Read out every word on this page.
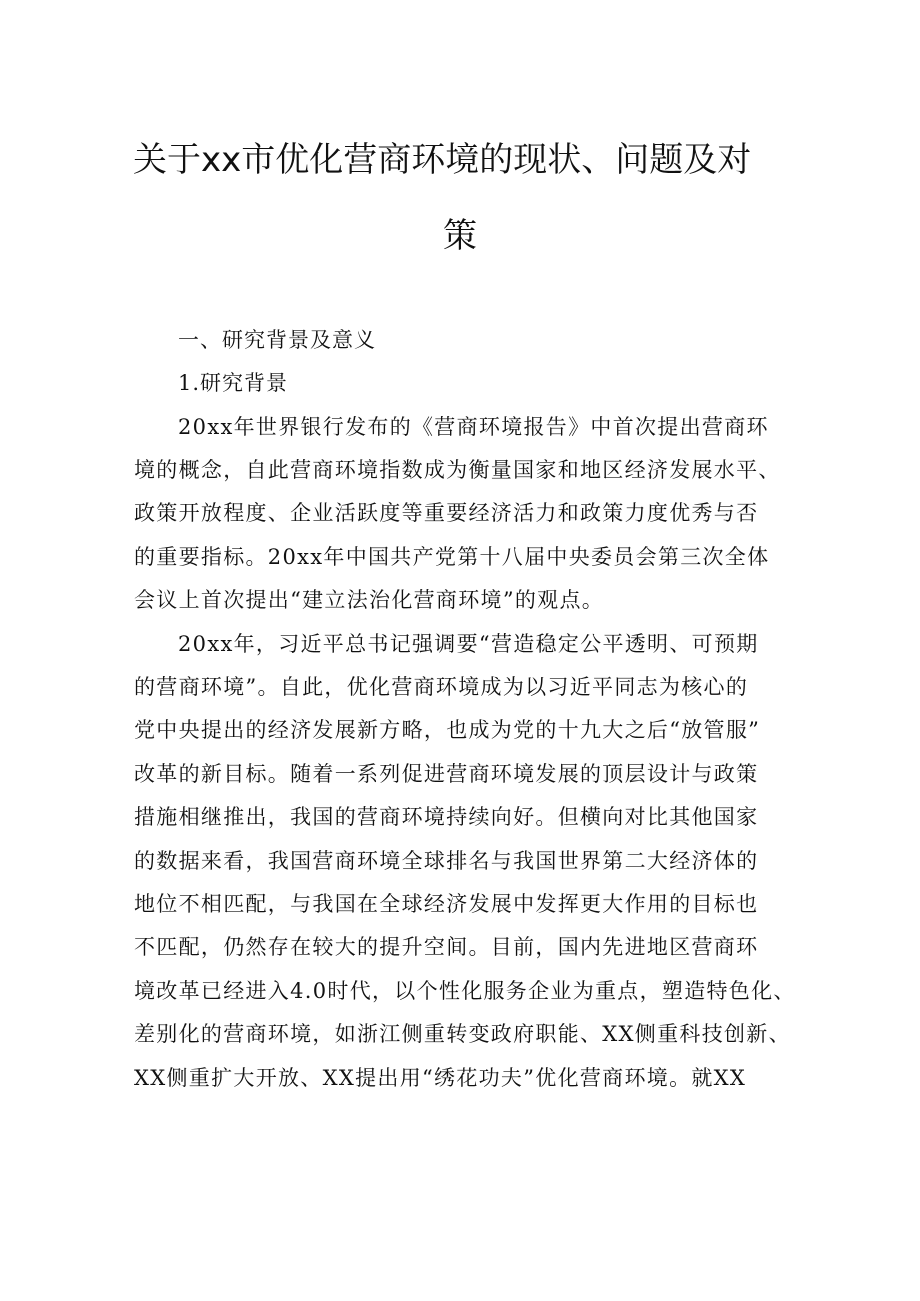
关于xx市优化营商环境的现状、问题及对
策
一、研究背景及意义
1.研究背景
20xx年世界银行发布的《营商环境报告》中首次提出营商环
境的概念，自此营商环境指数成为衡量国家和地区经济发展水平、
政策开放程度、企业活跃度等重要经济活力和政策力度优秀与否
的重要指标。20xx年中国共产党第十八届中央委员会第三次全体
会议上首次提出“建立法治化营商环境”的观点。
20xx年，习近平总书记强调要“营造稳定公平透明、可预期
的营商环境”。自此，优化营商环境成为以习近平同志为核心的
党中央提出的经济发展新方略，也成为党的十九大之后“放管服”
改革的新目标。随着一系列促进营商环境发展的顶层设计与政策
措施相继推出，我国的营商环境持续向好。但横向对比其他国家
的数据来看，我国营商环境全球排名与我国世界第二大经济体的
地位不相匹配，与我国在全球经济发展中发挥更大作用的目标也
不匹配，仍然存在较大的提升空间。目前，国内先进地区营商环
境改革已经进入4.0时代，以个性化服务企业为重点，塑造特色化、
差别化的营商环境，如浙江侧重转变政府职能、XX侧重科技创新、
XX侧重扩大开放、XX提出用“绣花功夫”优化营商环境。就XX
